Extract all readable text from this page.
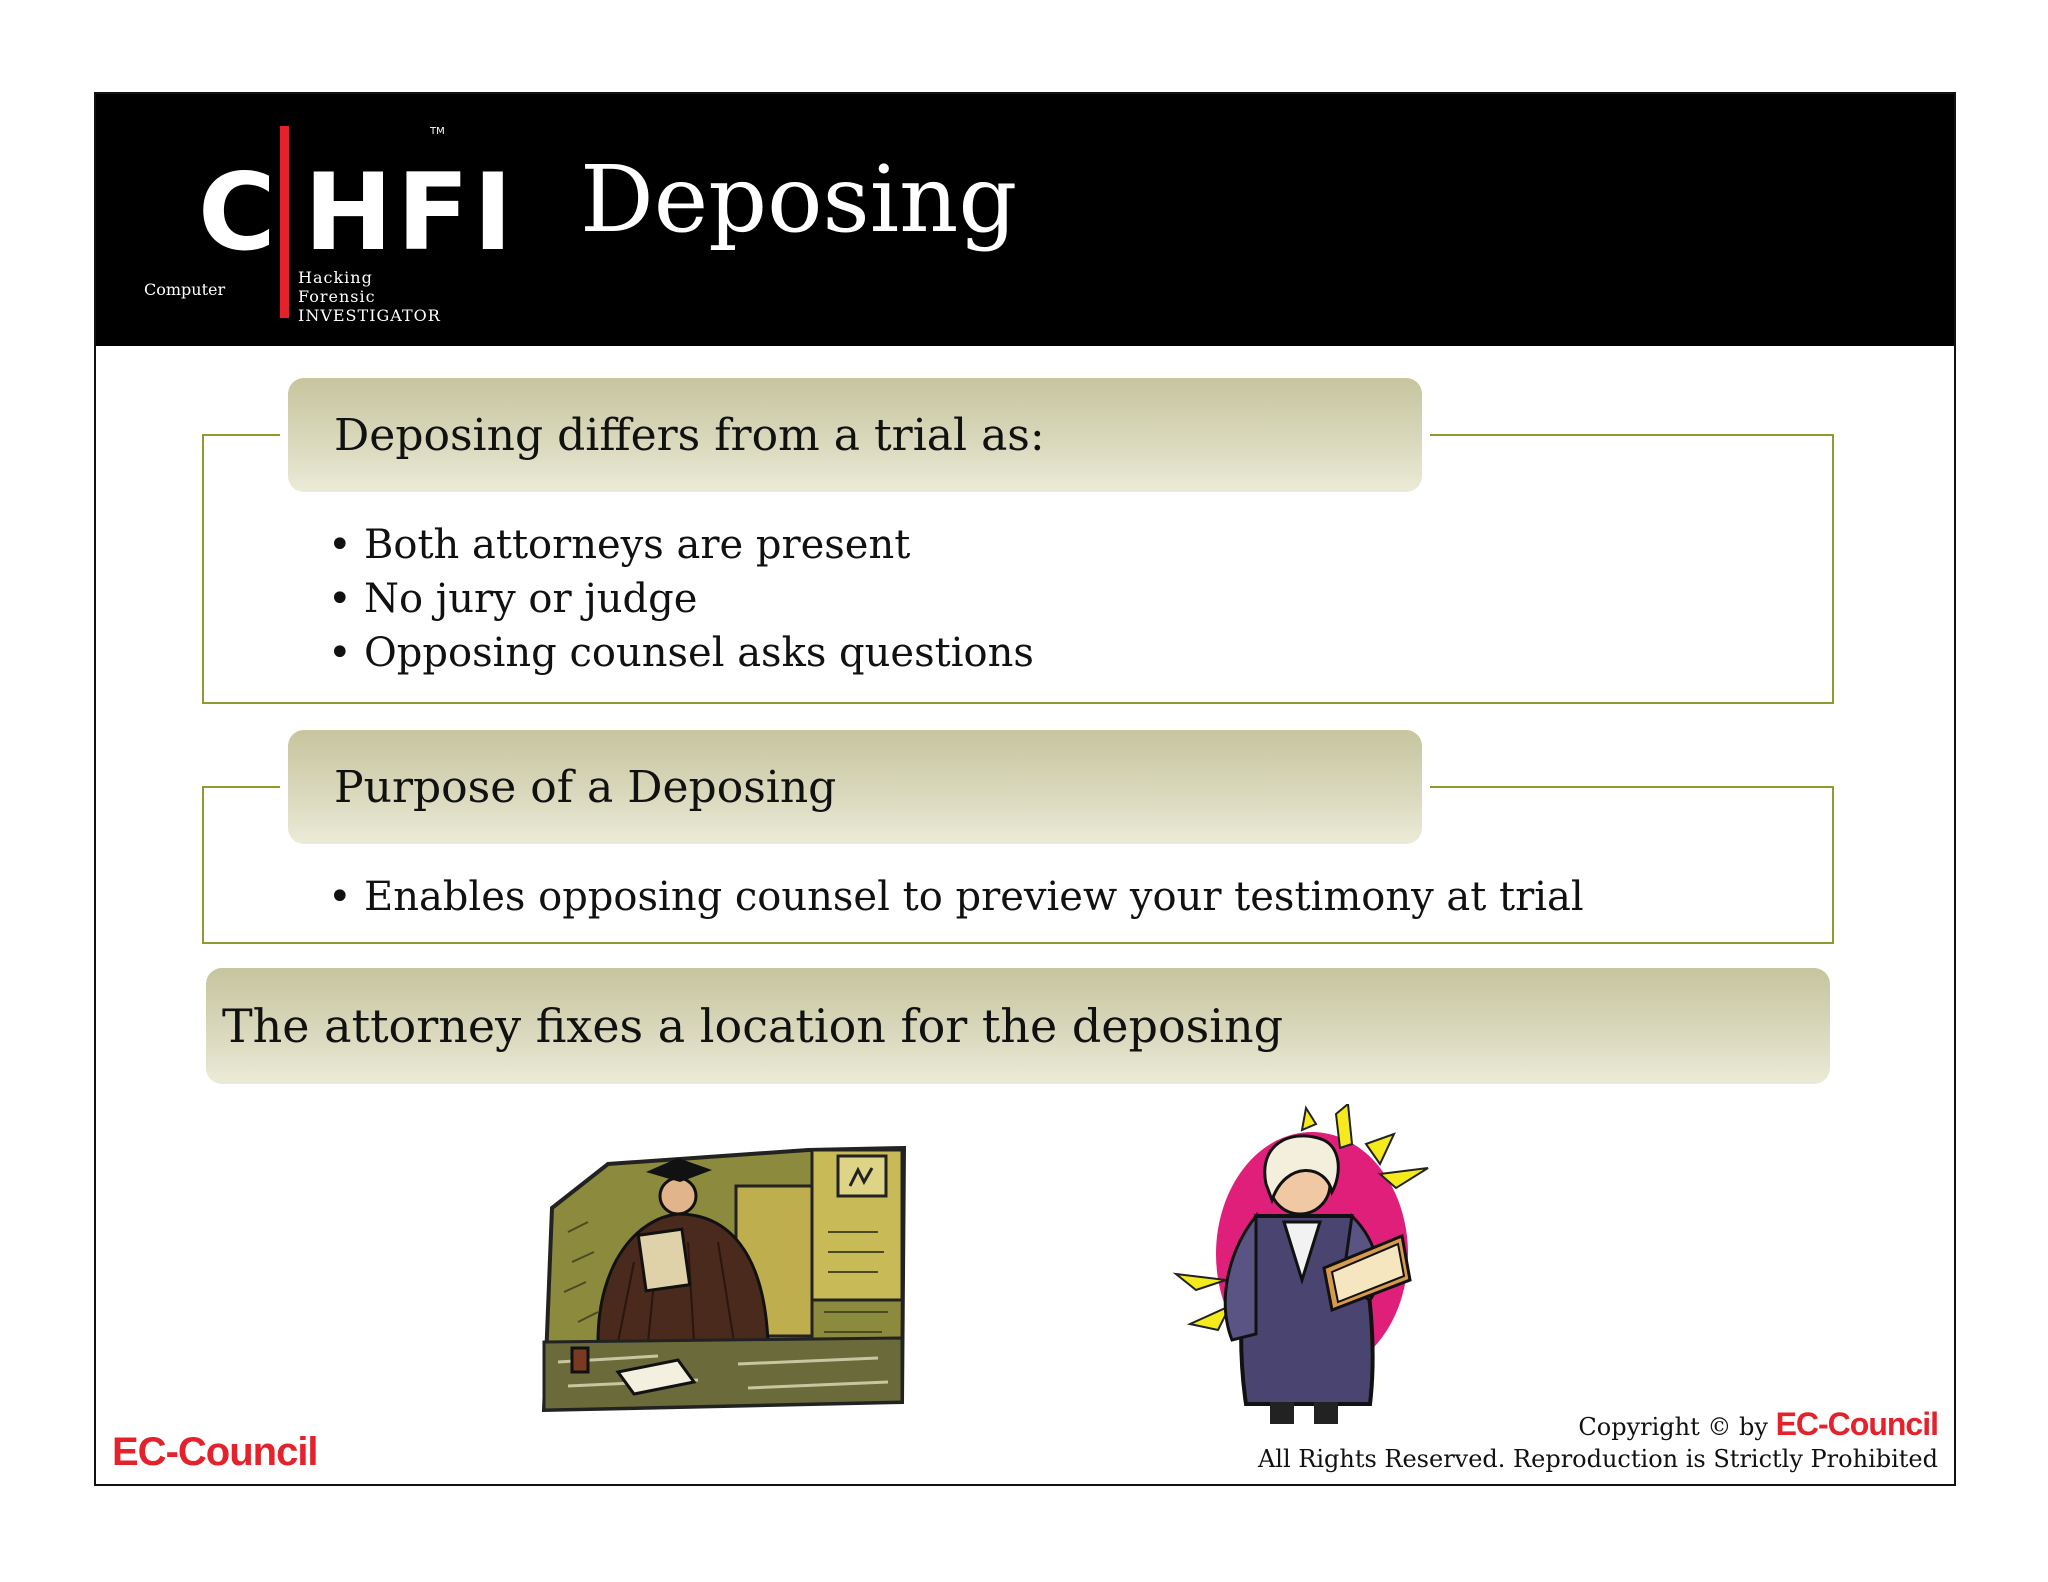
C HFI
TM
Computer
Hacking Forensic
INVESTIGATOR
Deposing
Deposing differs from a trial as:
• Both attorneys are present
• No jury or judge
• Opposing counsel asks questions
Purpose of a Deposing
• Enables opposing counsel to preview your testimony at trial
The attorney fixes a location for the deposing
EC-Council
Copyright © by EC-Council
All Rights Reserved. Reproduction is Strictly Prohibited
